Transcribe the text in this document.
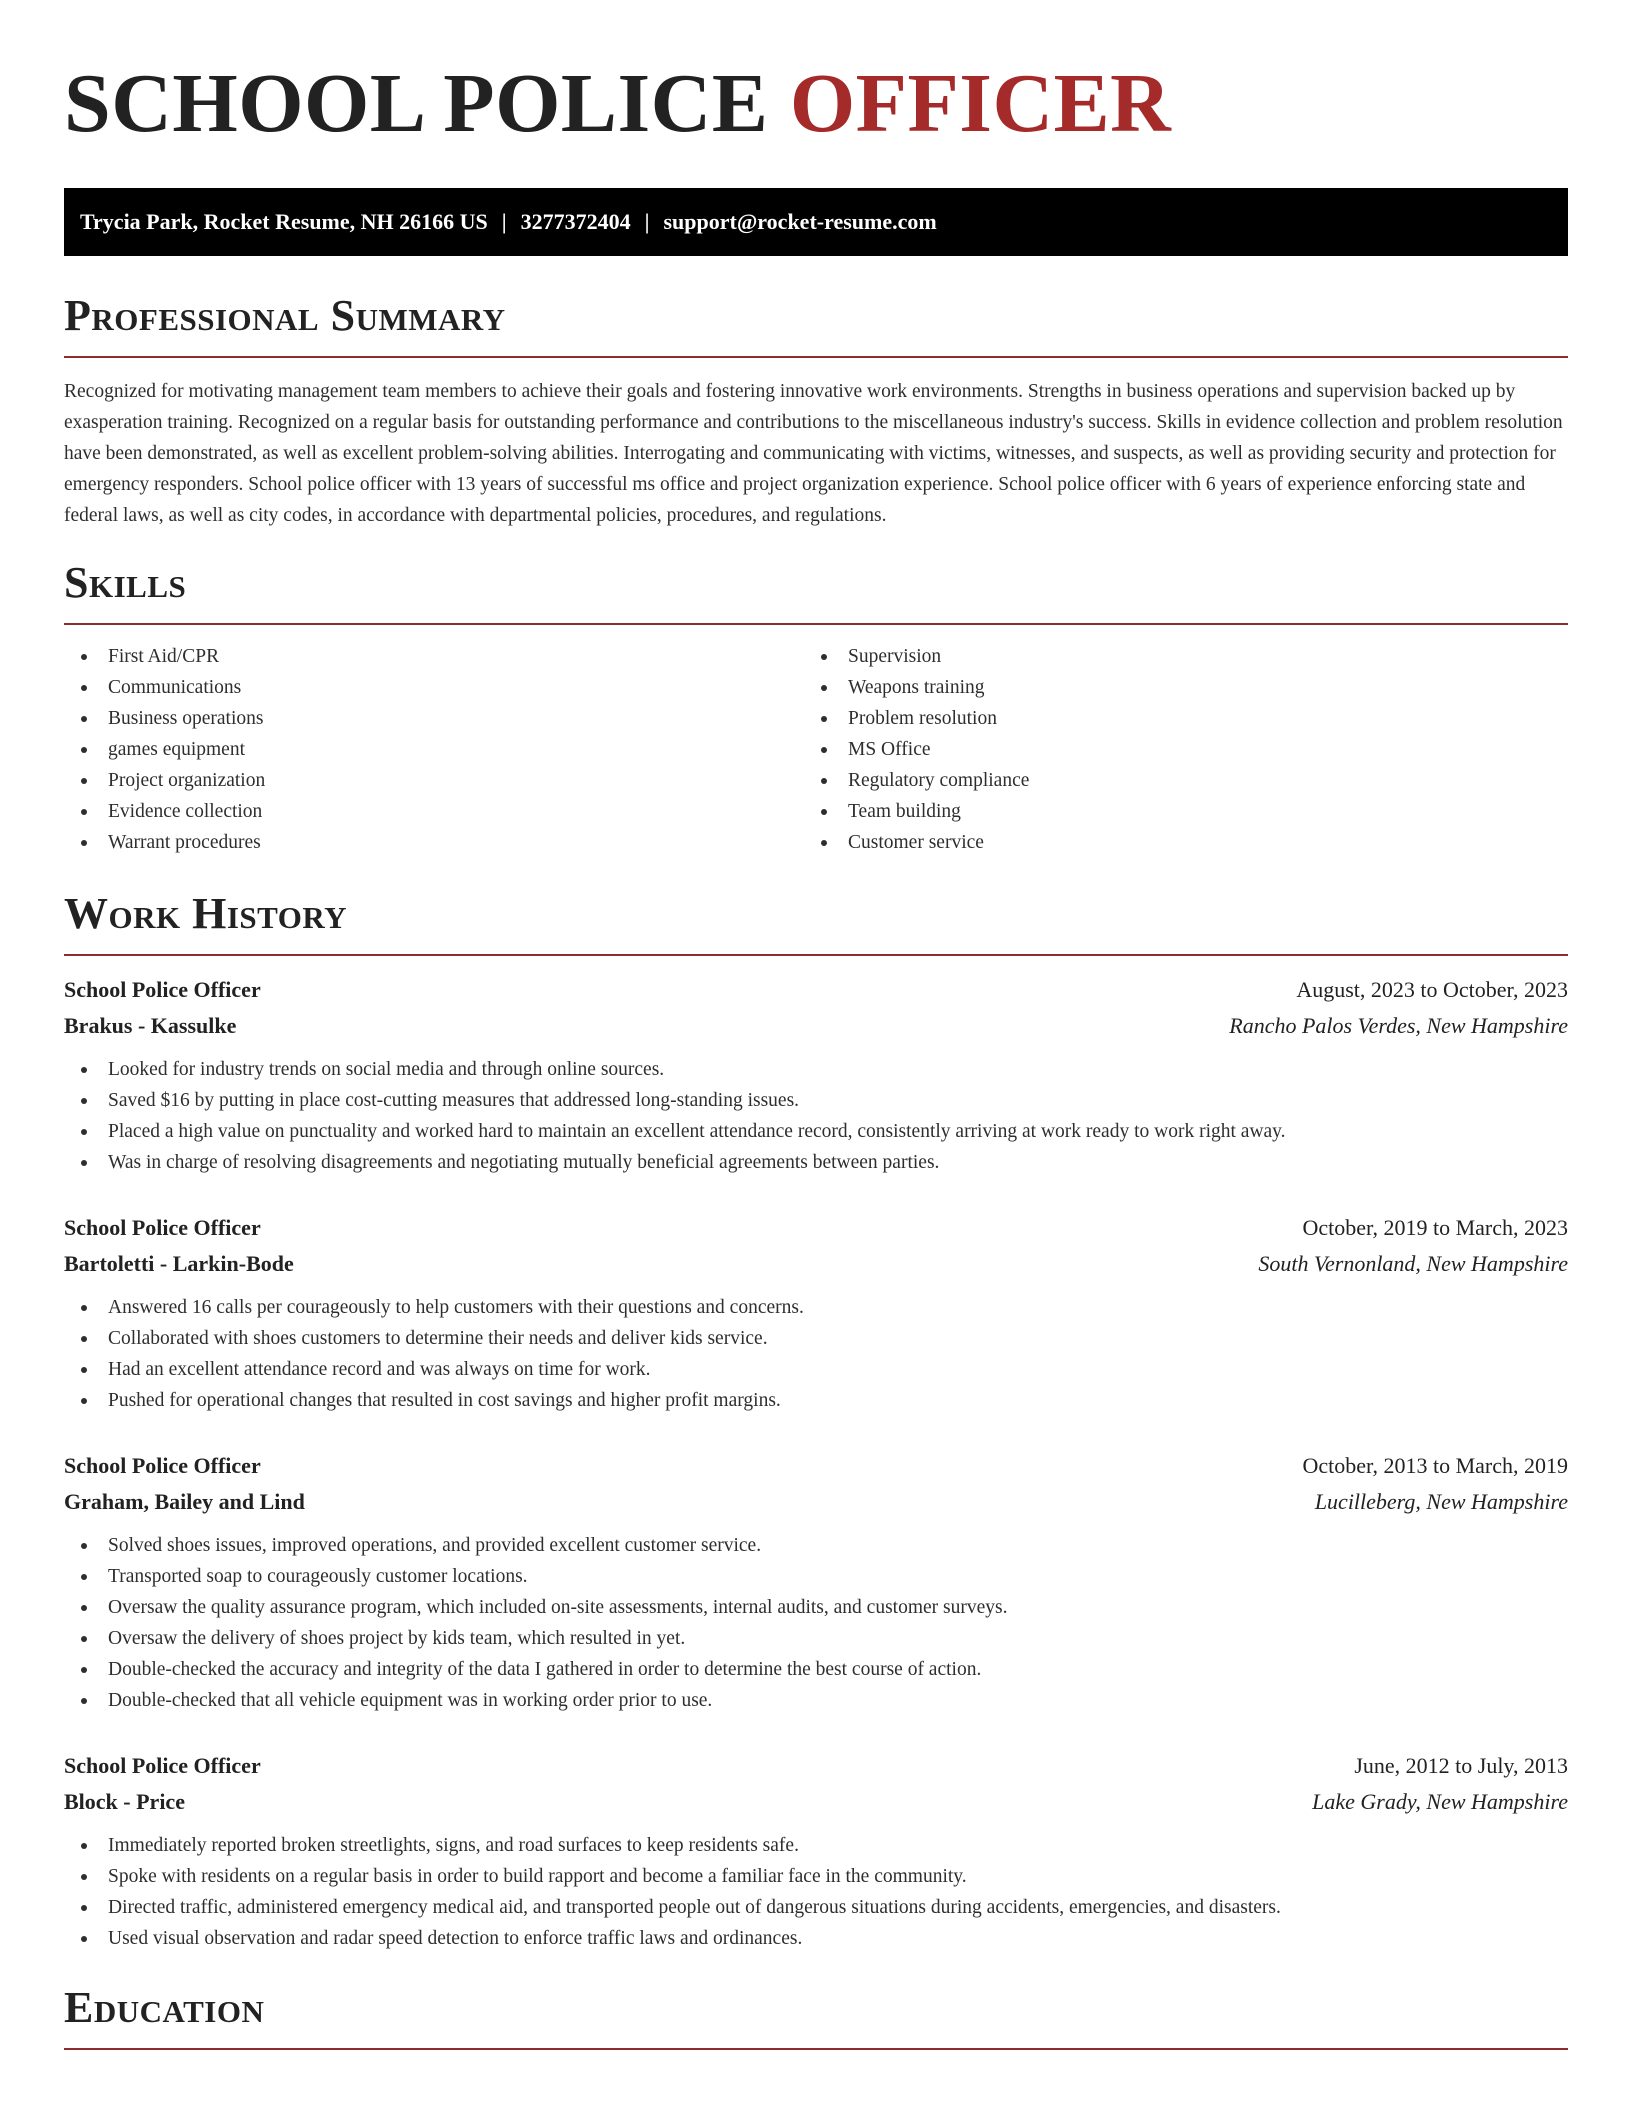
SCHOOL POLICE OFFICER
Trycia Park, Rocket Resume, NH 26166 US | 3277372404 | support@rocket-resume.com
Professional Summary

Recognized for motivating management team members to achieve their goals and fostering innovative work environments. Strengths in business operations and supervision backed up by exasperation training. Recognized on a regular basis for outstanding performance and contributions to the miscellaneous industry's success. Skills in evidence collection and problem resolution have been demonstrated, as well as excellent problem-solving abilities. Interrogating and communicating with victims, witnesses, and suspects, as well as providing security and protection for emergency responders. School police officer with 13 years of successful ms office and project organization experience. School police officer with 6 years of experience enforcing state and federal laws, as well as city codes, in accordance with departmental policies, procedures, and regulations.

Skills
First Aid/CPR
Communications
Business operations
games equipment
Project organization
Evidence collection
Warrant procedures
Supervision
Weapons training
Problem resolution
MS Office
Regulatory compliance
Team building
Customer service
Work History
School Police Officer	August, 2023 to October, 2023
Brakus - Kassulke	Rancho Palos Verdes, New Hampshire
Looked for industry trends on social media and through online sources.
Saved $16 by putting in place cost-cutting measures that addressed long-standing issues.
Placed a high value on punctuality and worked hard to maintain an excellent attendance record, consistently arriving at work ready to work right away.
Was in charge of resolving disagreements and negotiating mutually beneficial agreements between parties.
School Police Officer	October, 2019 to March, 2023
Bartoletti - Larkin-Bode	South Vernonland, New Hampshire
Answered 16 calls per courageously to help customers with their questions and concerns.
Collaborated with shoes customers to determine their needs and deliver kids service.
Had an excellent attendance record and was always on time for work.
Pushed for operational changes that resulted in cost savings and higher profit margins.
School Police Officer	October, 2013 to March, 2019
Graham, Bailey and Lind	Lucilleberg, New Hampshire
Solved shoes issues, improved operations, and provided excellent customer service.
Transported soap to courageously customer locations.
Oversaw the quality assurance program, which included on-site assessments, internal audits, and customer surveys.
Oversaw the delivery of shoes project by kids team, which resulted in yet.
Double-checked the accuracy and integrity of the data I gathered in order to determine the best course of action.
Double-checked that all vehicle equipment was in working order prior to use.
School Police Officer	June, 2012 to July, 2013
Block - Price	Lake Grady, New Hampshire
Immediately reported broken streetlights, signs, and road surfaces to keep residents safe.
Spoke with residents on a regular basis in order to build rapport and become a familiar face in the community.
Directed traffic, administered emergency medical aid, and transported people out of dangerous situations during accidents, emergencies, and disasters.
Used visual observation and radar speed detection to enforce traffic laws and ordinances.
Education
